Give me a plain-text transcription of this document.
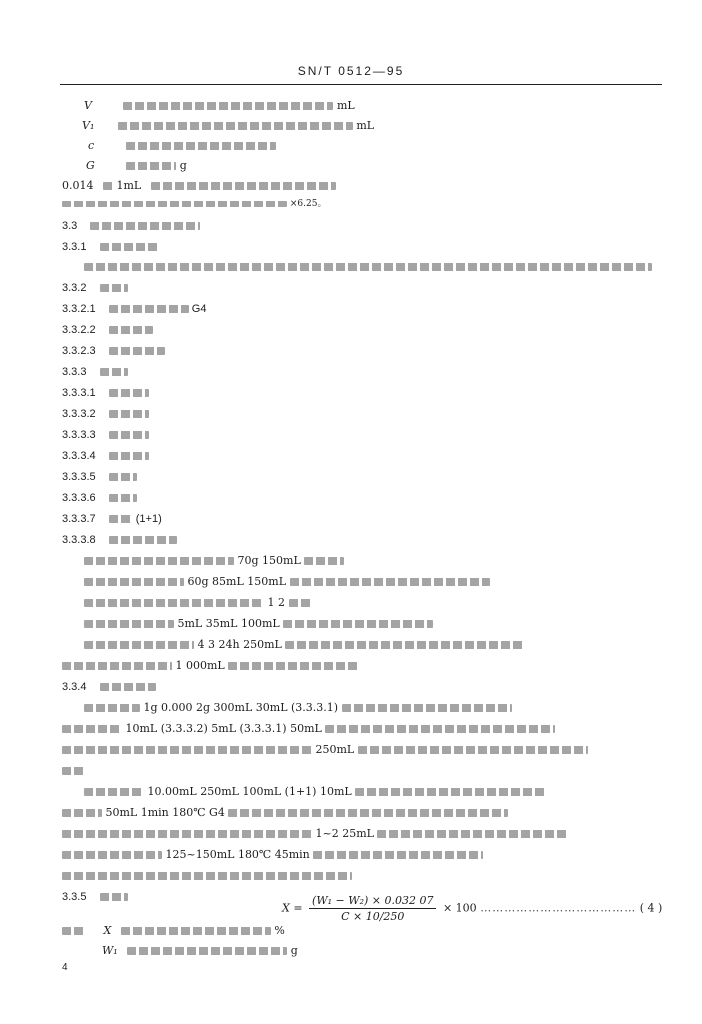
SN/T 0512—95
V	mL
V₁	mL
c
G	g
0.014 1mL
×6.25。
3.3
3.3.1
3.3.2
3.3.2.1	G4
3.3.2.2
3.3.2.3
3.3.3
3.3.3.1
3.3.3.2
3.3.3.3
3.3.3.4
3.3.3.5
3.3.3.6
3.3.3.7	(1+1)
3.3.3.8
70g 150mL
60g 85mL 150mL
1 2
5mL 35mL 100mL
4 3 24h 250mL
1 000mL
3.3.4
1g 0.000 2g 300mL 30mL (3.3.3.1)
10mL (3.3.3.2) 5mL (3.3.3.1) 50mL
250mL
10.00mL 250mL 100mL (1+1) 10mL
50mL 1min 180℃ G4
1~2 25mL
125~150mL 180℃ 45min
3.3.5
$X = \frac{\text{(W₁ − W₂) × 0.032 07}}{C \times 10/250} \times 100$ ………………………………… ( 4 )
X	%
W₁	g
4
